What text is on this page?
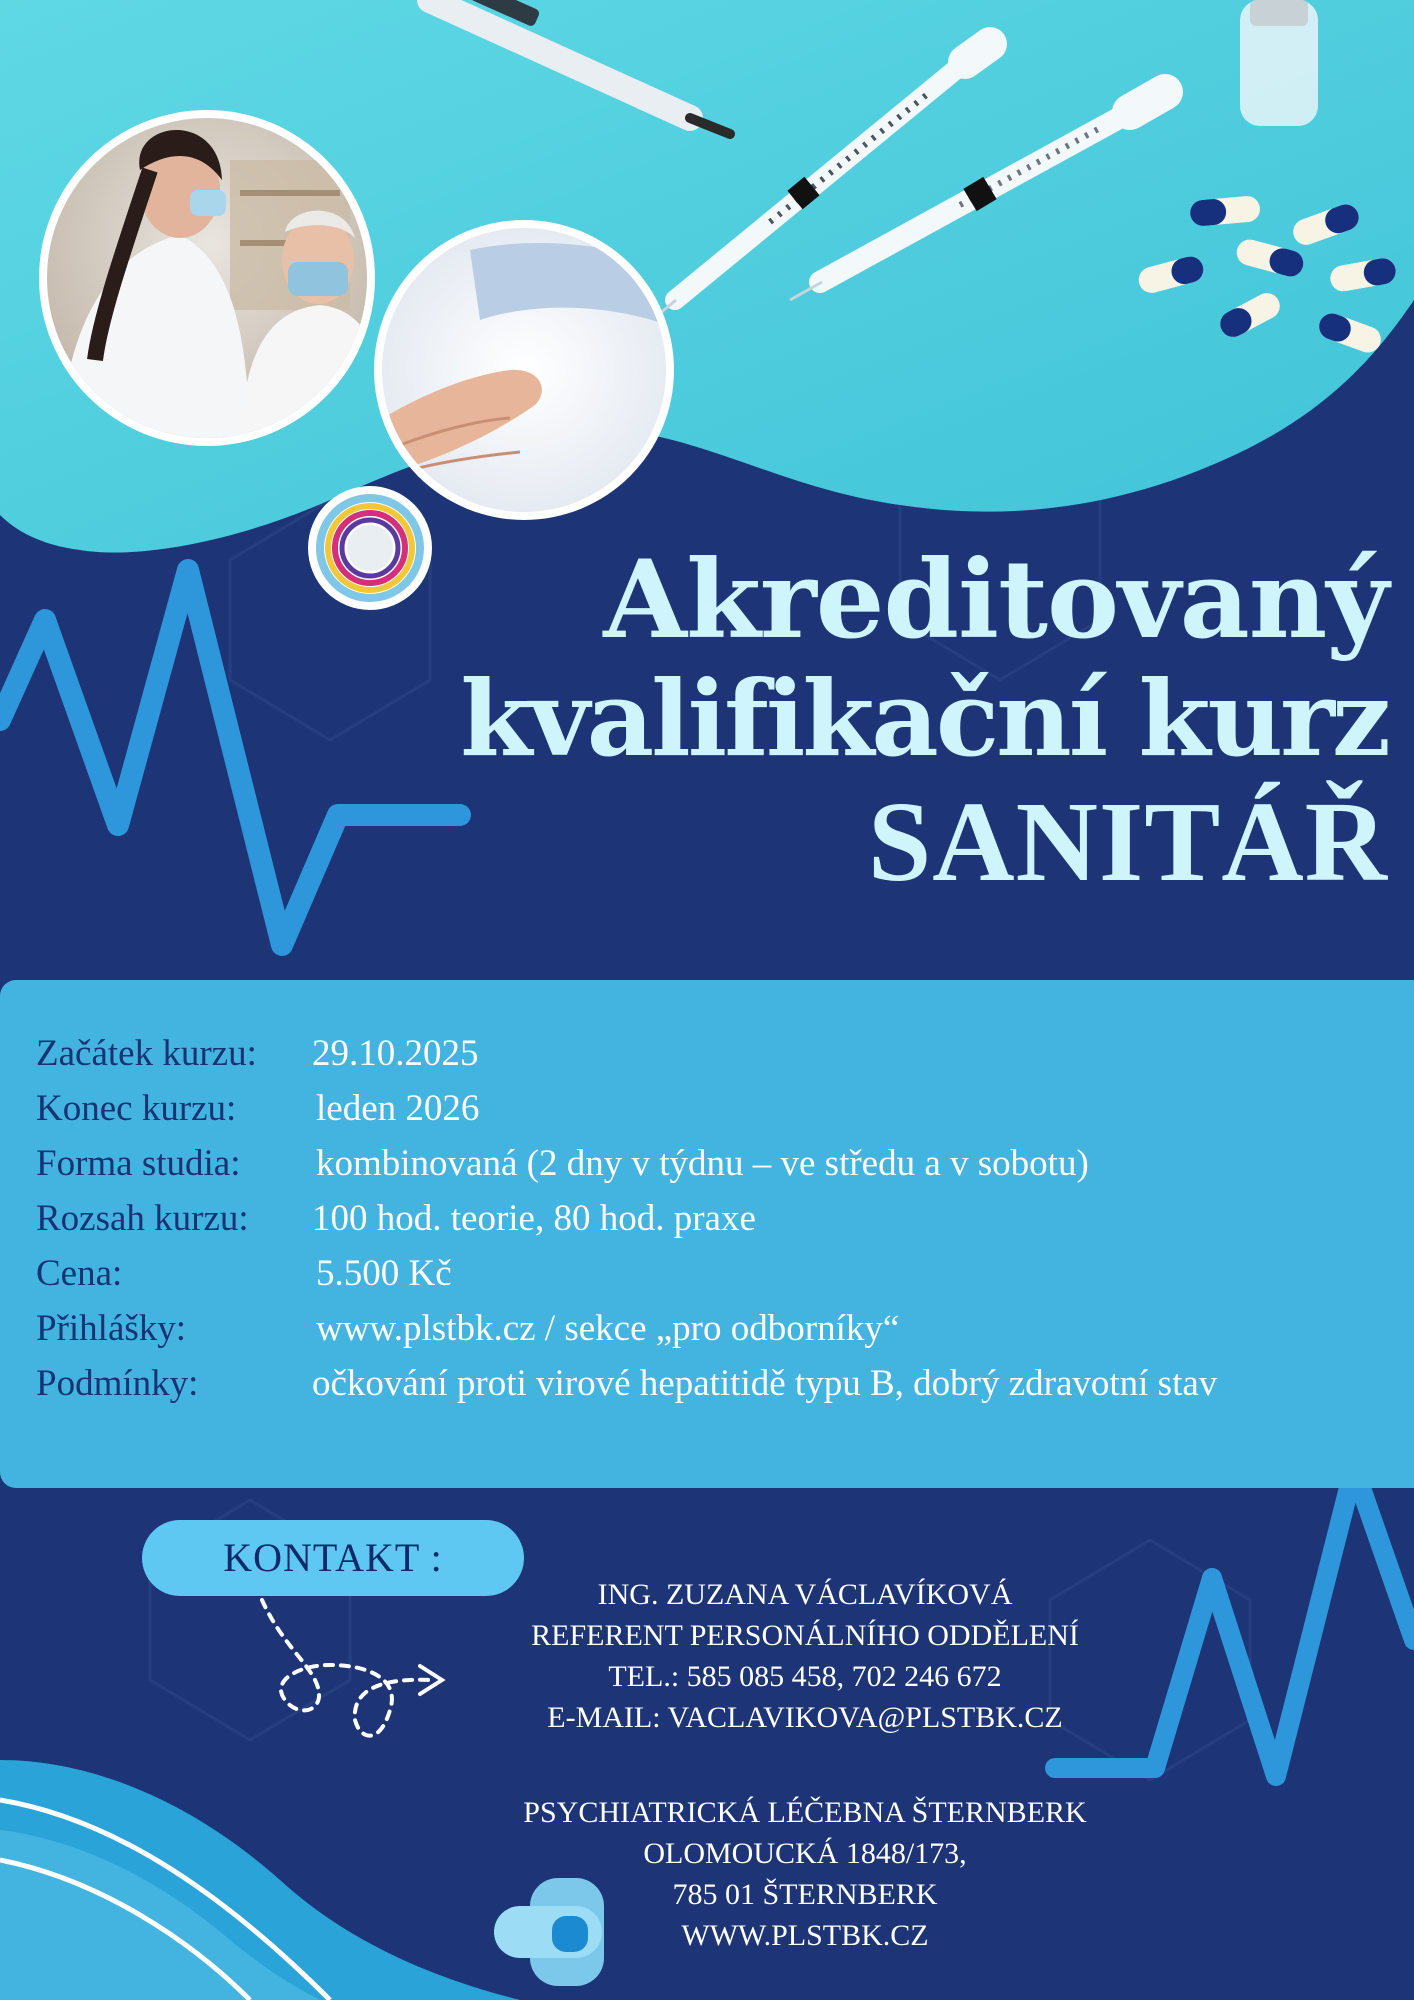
Akreditovaný
kvalifikační kurz
SANITÁŘ
Začátek kurzu: 29.10.2025
Konec kurzu: leden 2026
Forma studia: kombinovaná (2 dny v týdnu – ve středu a v sobotu)
Rozsah kurzu: 100 hod. teorie, 80 hod. praxe
Cena:	5.500 Kč
Přihlášky:	www.plstbk.cz / sekce „pro odborníky“
Podmínky:	očkování proti virové hepatitidě typu B, dobrý zdravotní stav
KONTAKT :
ING. ZUZANA VÁCLAVÍKOVÁ
REFERENT PERSONÁLNÍHO ODDĚLENÍ
TEL.: 585 085 458, 702 246 672
E-MAIL: VACLAVIKOVA@PLSTBK.CZ
PSYCHIATRICKÁ LÉČEBNA ŠTERNBERK
OLOMOUCKÁ 1848/173,
785 01 ŠTERNBERK
WWW.PLSTBK.CZ
